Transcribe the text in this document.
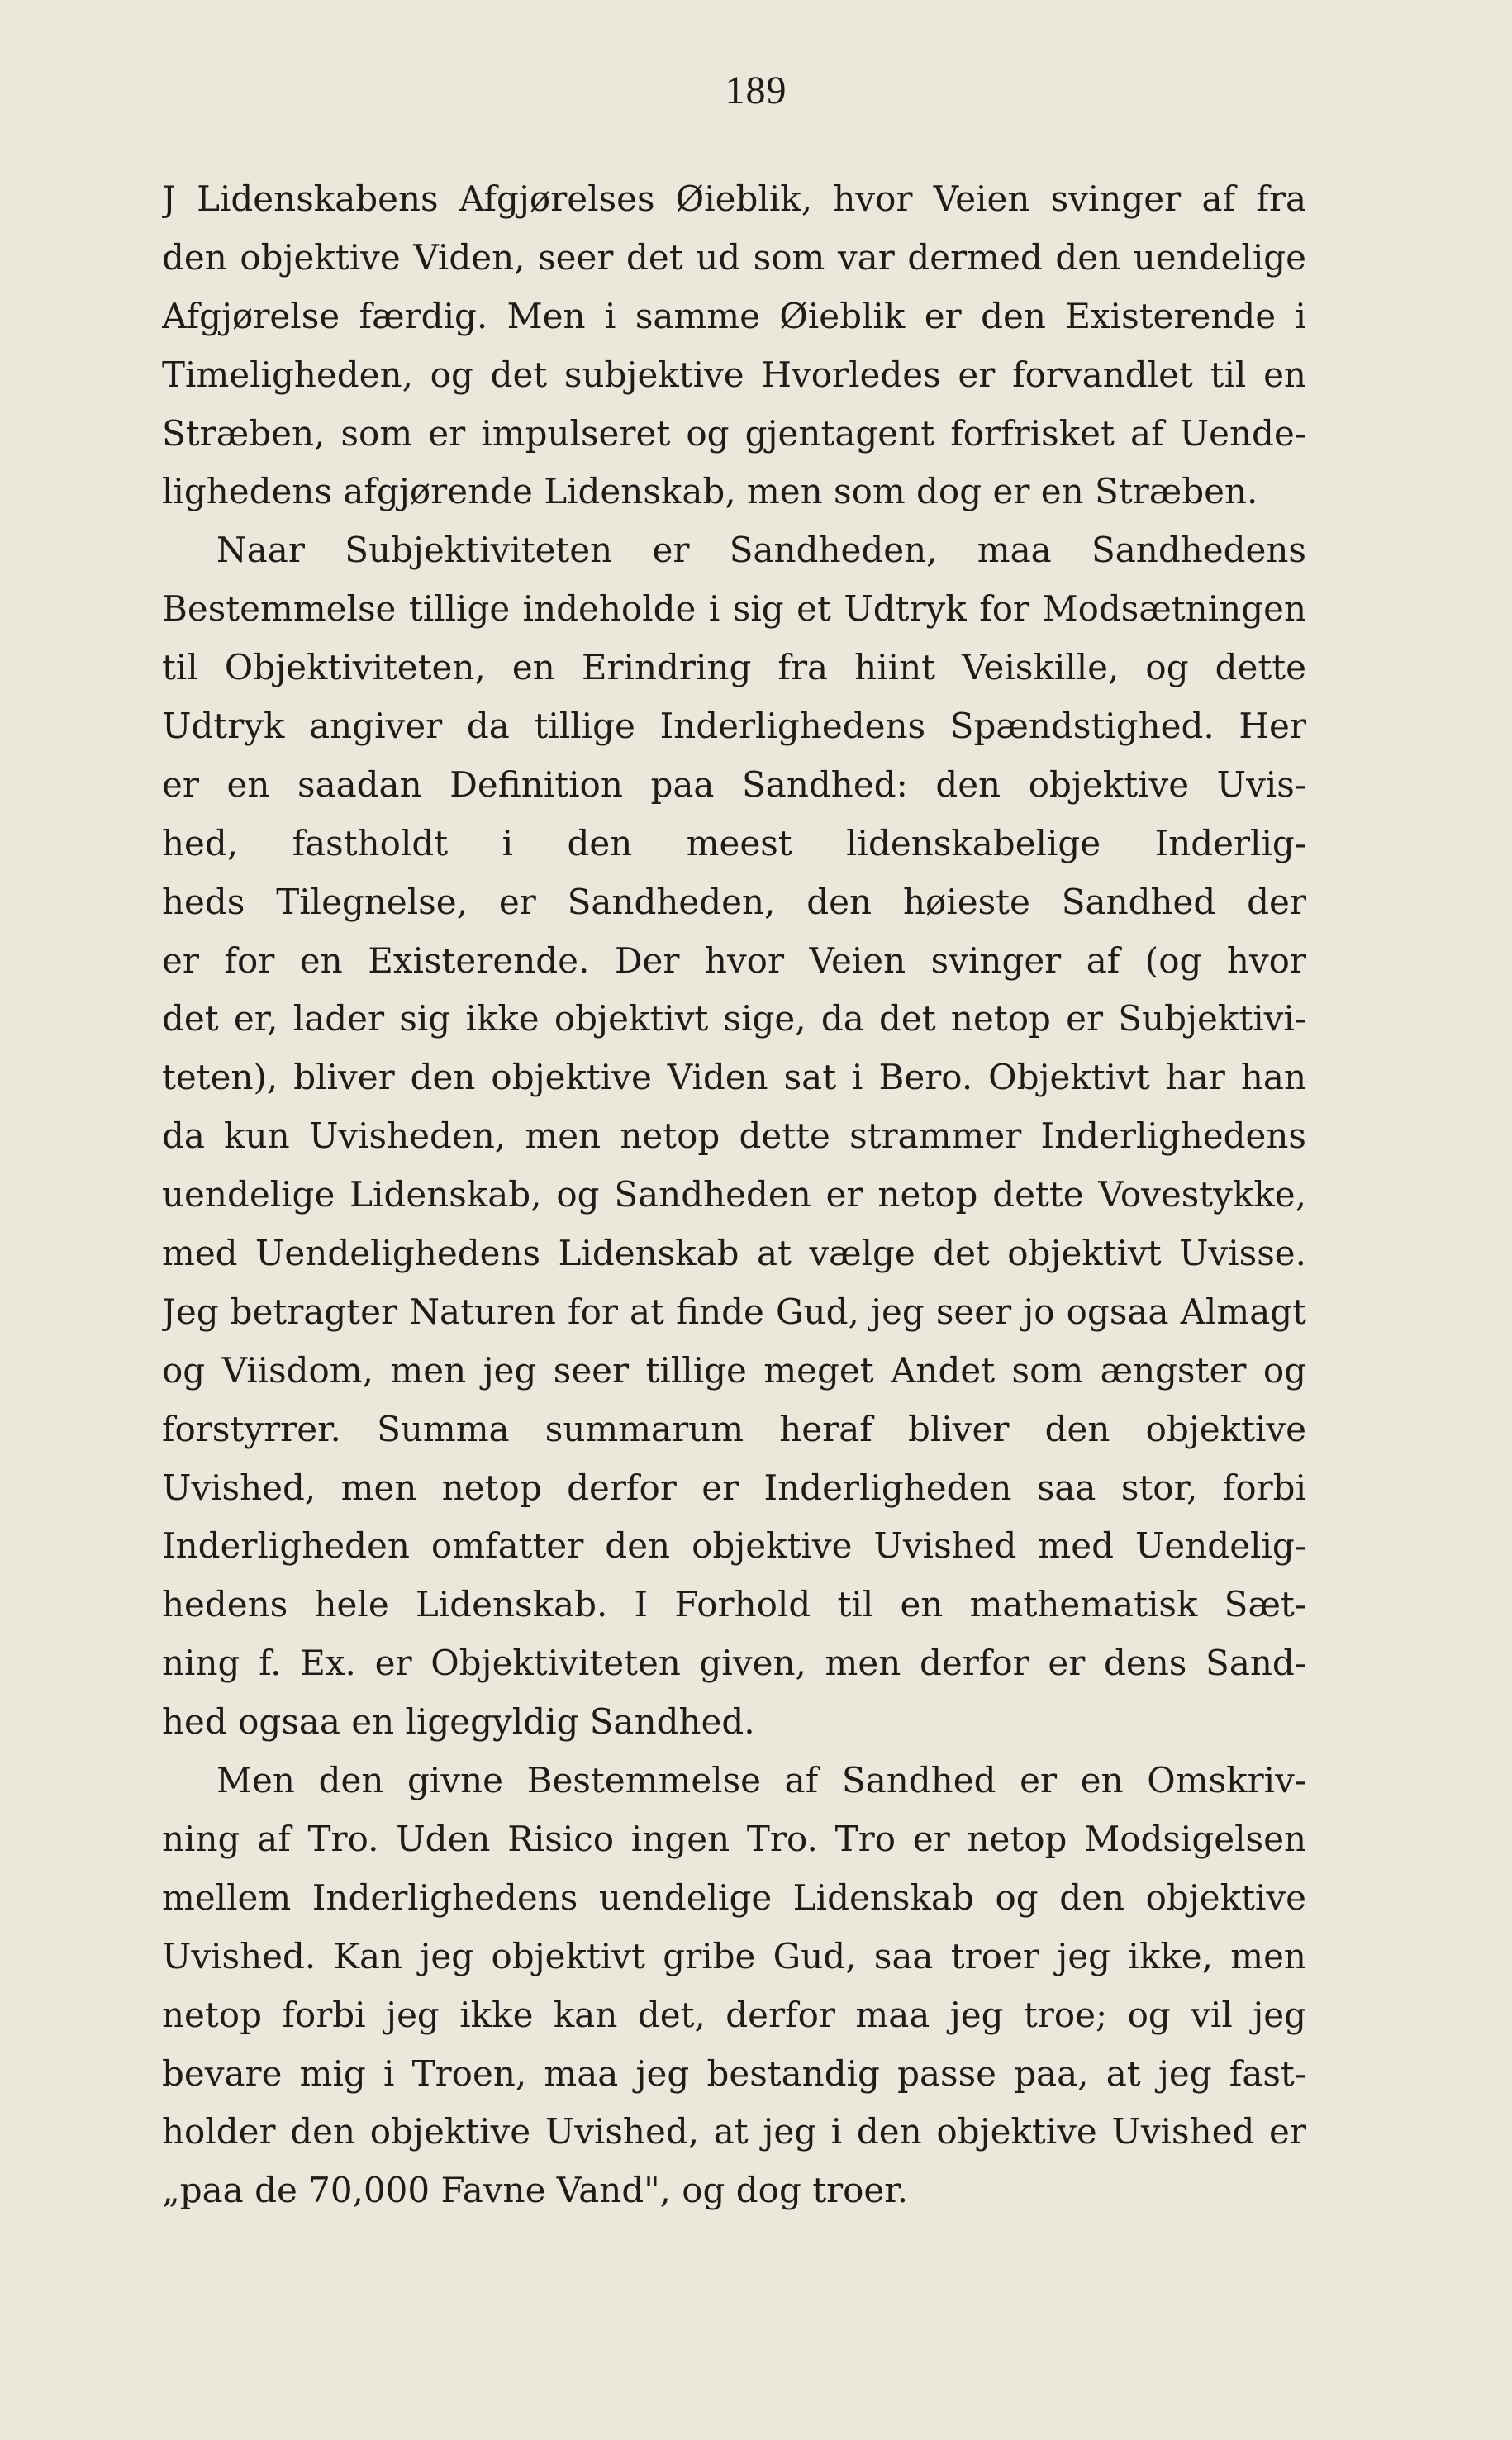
189
J Lidenskabens Afgjørelses Øieblik, hvor Veien svinger af fra
den objektive Viden, seer det ud som var dermed den uendelige
Afgjørelse færdig. Men i samme Øieblik er den Existerende i
Timeligheden, og det subjektive Hvorledes er forvandlet til en
Stræben, som er impulseret og gjentagent forfrisket af Uende-
lighedens afgjørende Lidenskab, men som dog er en Stræben.
Naar Subjektiviteten er Sandheden, maa Sandhedens
Bestemmelse tillige indeholde i sig et Udtryk for Modsætningen
til Objektiviteten, en Erindring fra hiint Veiskille, og dette
Udtryk angiver da tillige Inderlighedens Spændstighed. Her
er en saadan Definition paa Sandhed: den objektive Uvis-
hed, fastholdt i den meest lidenskabelige Inderlig-
heds Tilegnelse, er Sandheden, den høieste Sandhed der
er for en Existerende. Der hvor Veien svinger af (og hvor
det er, lader sig ikke objektivt sige, da det netop er Subjektivi-
teten), bliver den objektive Viden sat i Bero. Objektivt har han
da kun Uvisheden, men netop dette strammer Inderlighedens
uendelige Lidenskab, og Sandheden er netop dette Vovestykke,
med Uendelighedens Lidenskab at vælge det objektivt Uvisse.
Jeg betragter Naturen for at finde Gud, jeg seer jo ogsaa Almagt
og Viisdom, men jeg seer tillige meget Andet som ængster og
forstyrrer. Summa summarum heraf bliver den objektive
Uvished, men netop derfor er Inderligheden saa stor, forbi
Inderligheden omfatter den objektive Uvished med Uendelig-
hedens hele Lidenskab. I Forhold til en mathematisk Sæt-
ning f. Ex. er Objektiviteten given, men derfor er dens Sand-
hed ogsaa en ligegyldig Sandhed.
Men den givne Bestemmelse af Sandhed er en Omskriv-
ning af Tro. Uden Risico ingen Tro. Tro er netop Modsigelsen
mellem Inderlighedens uendelige Lidenskab og den objektive
Uvished. Kan jeg objektivt gribe Gud, saa troer jeg ikke, men
netop forbi jeg ikke kan det, derfor maa jeg troe; og vil jeg
bevare mig i Troen, maa jeg bestandig passe paa, at jeg fast-
holder den objektive Uvished, at jeg i den objektive Uvished er
„paa de 70,000 Favne Vand", og dog troer.
